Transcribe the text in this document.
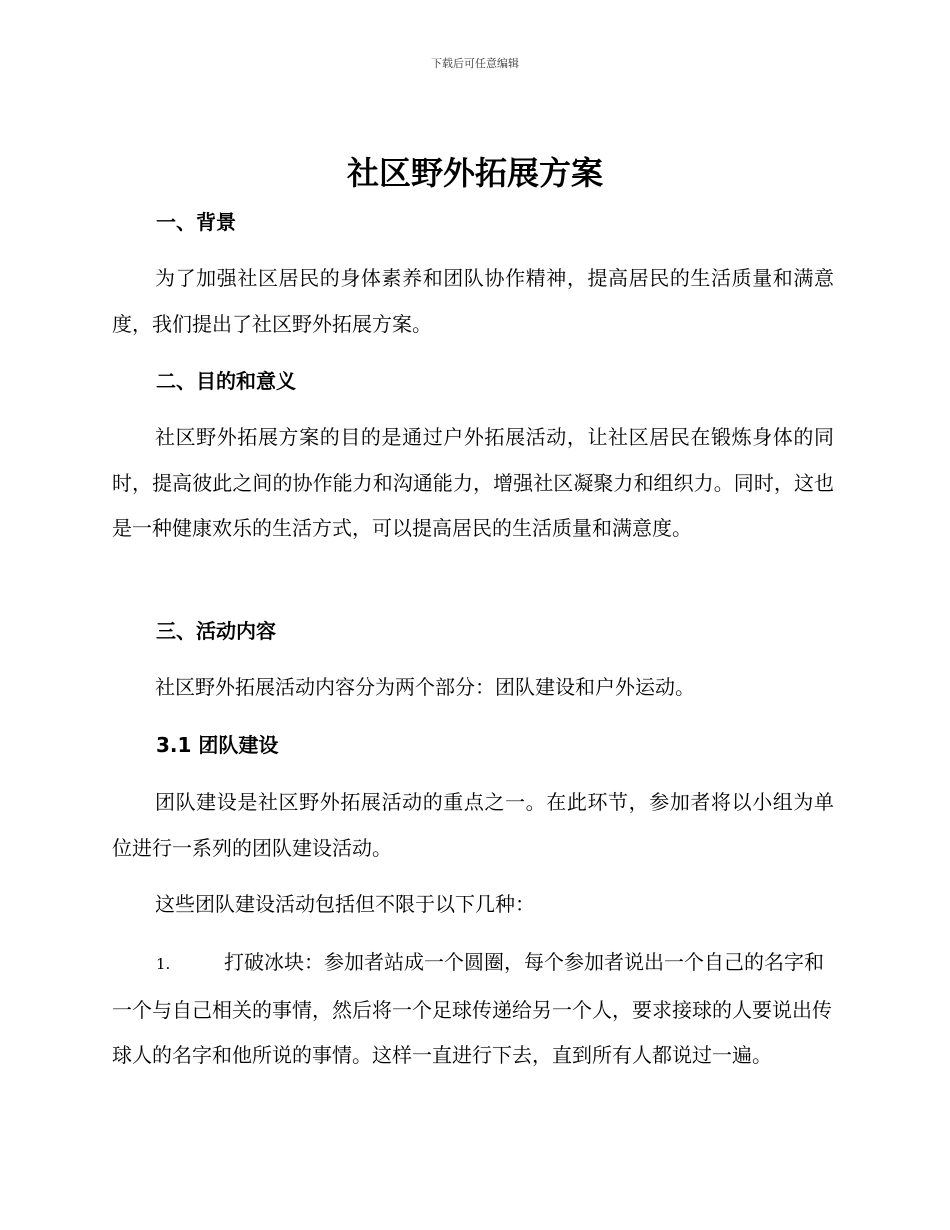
下载后可任意编辑
社区野外拓展方案
一、背景

为了加强社区居民的身体素养和团队协作精神，提高居民的生活质量和满意度，我们提出了社区野外拓展方案。

二、目的和意义

社区野外拓展方案的目的是通过户外拓展活动，让社区居民在锻炼身体的同时，提高彼此之间的协作能力和沟通能力，增强社区凝聚力和组织力。同时，这也是一种健康欢乐的生活方式，可以提高居民的生活质量和满意度。

三、活动内容

社区野外拓展活动内容分为两个部分：团队建设和户外运动。

3.1 团队建设

团队建设是社区野外拓展活动的重点之一。在此环节，参加者将以小组为单位进行一系列的团队建设活动。

这些团队建设活动包括但不限于以下几种：

1.	打破冰块：参加者站成一个圆圈，每个参加者说出一个自己的名字和一个与自己相关的事情，然后将一个足球传递给另一个人，要求接球的人要说出传球人的名字和他所说的事情。这样一直进行下去，直到所有人都说过一遍。
